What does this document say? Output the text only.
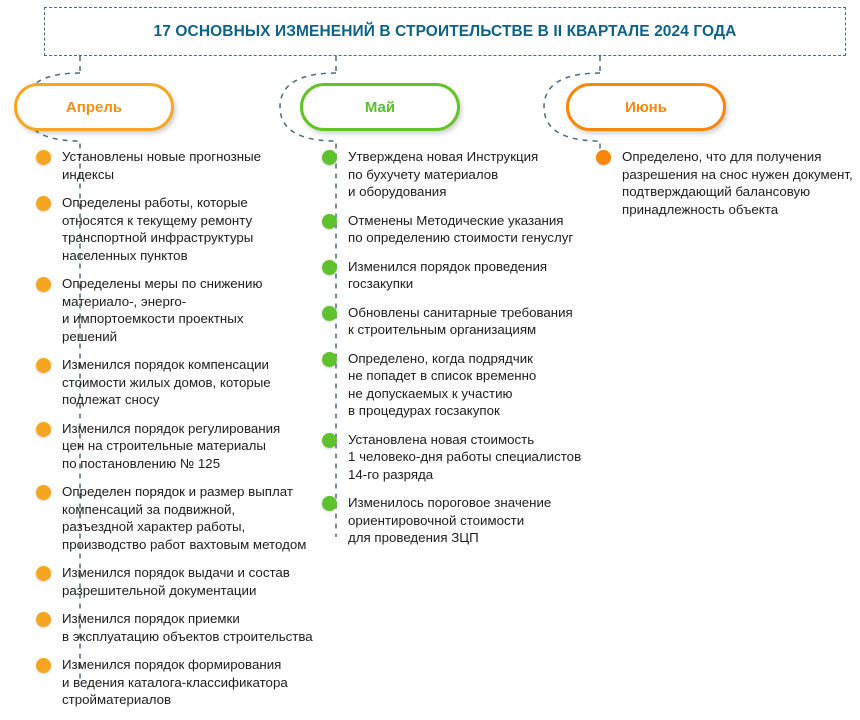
17 ОСНОВНЫХ ИЗМЕНЕНИЙ В СТРОИТЕЛЬСТВЕ В II КВАРТАЛЕ 2024 ГОДА
Апрель	Май	Июнь
Установлены новые прогнозные
индексы
Определены работы, которые
относятся к текущему ремонту
транспортной инфраструктуры
населенных пунктов
Определены меры по снижению
материало-, энерго-
и импортоемкости проектных
решений
Изменился порядок компенсации
стоимости жилых домов, которые
подлежат сносу
Изменился порядок регулирования
цен на строительные материалы
по постановлению № 125
Определен порядок и размер выплат
компенсаций за подвижной,
разъездной характер работы,
производство работ вахтовым методом
Изменился порядок выдачи и состав
разрешительной документации
Изменился порядок приемки
в эксплуатацию объектов строительства
Изменился порядок формирования
и ведения каталога-классификатора
стройматериалов
Утверждена новая Инструкция
по бухучету материалов
и оборудования
Отменены Методические указания
по определению стоимости генуслуг
Изменился порядок проведения
госзакупки
Обновлены санитарные требования
к строительным организациям
Определено, когда подрядчик
не попадет в список временно
не допускаемых к участию
в процедурах госзакупок
Установлена новая стоимость
1 человеко-дня работы специалистов
14-го разряда
Изменилось пороговое значение
ориентировочной стоимости
для проведения ЗЦП
Определено, что для получения
разрешения на снос нужен документ,
подтверждающий балансовую
принадлежность объекта
